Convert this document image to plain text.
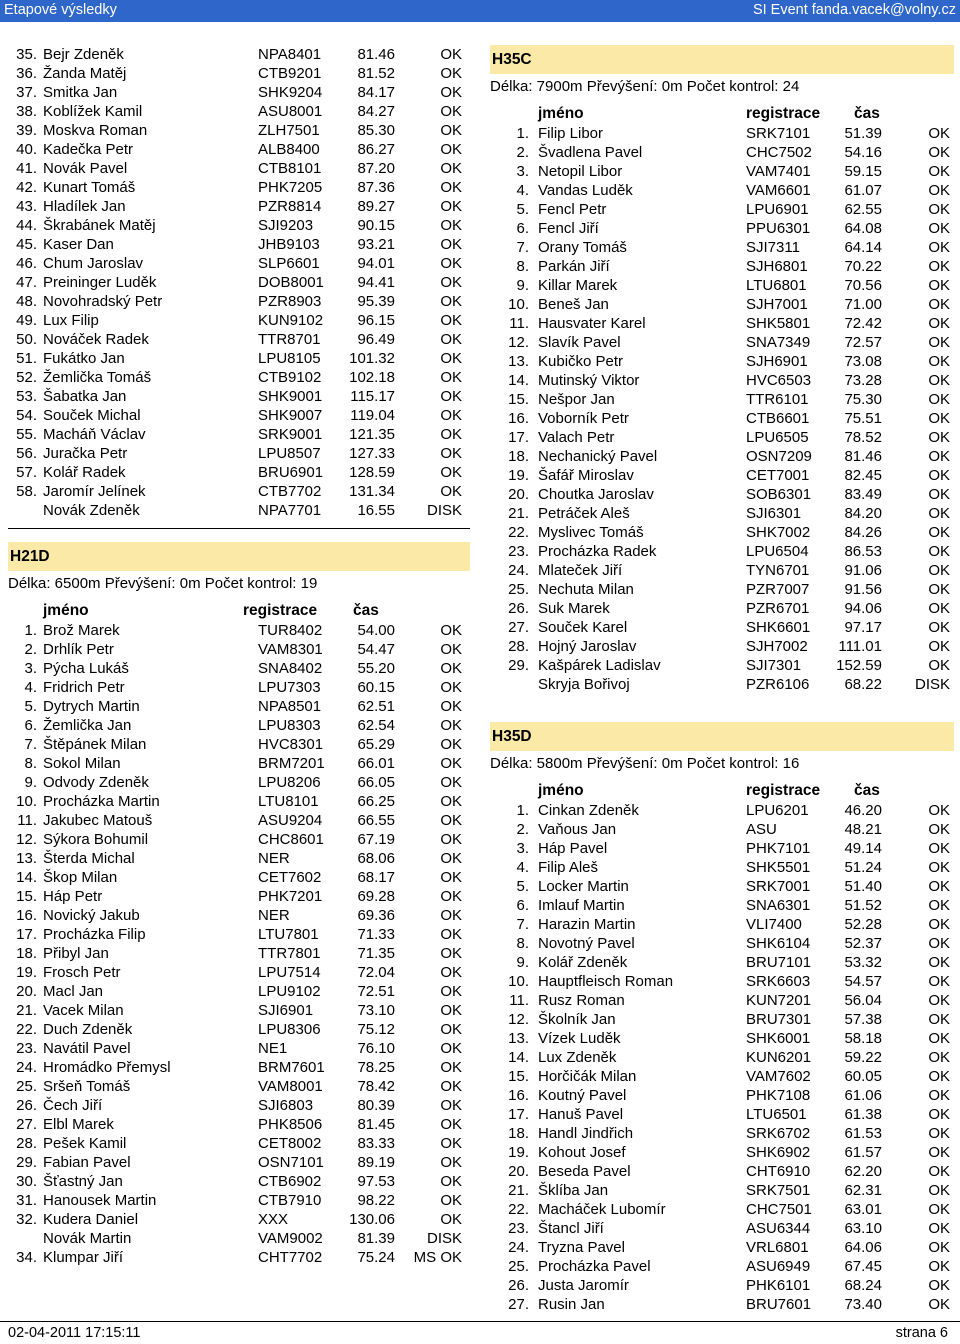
Etapové výsledky	SI Event fanda.vacek@volny.cz
35. Bejr Zdeněk	NPA8401	81.46	OK
36. Žanda Matěj	CTB9201	81.52	OK
37. Smitka Jan	SHK9204	84.17	OK
38. Koblížek Kamil	ASU8001	84.27	OK
39. Moskva Roman	ZLH7501	85.30	OK
40. Kadečka Petr	ALB8400	86.27	OK
41. Novák Pavel	CTB8101	87.20	OK
42. Kunart Tomáš	PHK7205	87.36	OK
43. Hladílek Jan	PZR8814	89.27	OK
44. Škrabánek Matěj	SJI9203	90.15	OK
45. Kaser Dan	JHB9103	93.21	OK
46. Chum Jaroslav	SLP6601	94.01	OK
47. Preininger Luděk	DOB8001	94.41	OK
48. Novohradský Petr	PZR8903	95.39	OK
49. Lux Filip	KUN9102	96.15	OK
50. Nováček Radek	TTR8701	96.49	OK
51. Fukátko Jan	LPU8105 101.32	OK
52. Žemlička Tomáš	CTB9102 102.18	OK
53. Šabatka Jan	SHK9001 115.17	OK
54. Souček Michal	SHK9007 119.04	OK
55. Macháň Václav	SRK9001 121.35	OK
56. Juračka Petr	LPU8507 127.33	OK
57. Kolář Radek	BRU6901 128.59	OK
58. Jaromír Jelínek	CTB7702 131.34	OK
Novák Zdeněk	NPA7701	16.55	DISK
H21D
Délka: 6500m Převýšení: 0m Počet kontrol: 19
jméno	registrace čas
1. Brož Marek	TUR8402	54.00	OK
2. Drhlík Petr	VAM8301	54.47	OK
3. Pýcha Lukáš	SNA8402	55.20	OK
4. Fridrich Petr	LPU7303	60.15	OK
5. Dytrych Martin	NPA8501	62.51	OK
6. Žemlička Jan	LPU8303	62.54	OK
7. Štěpánek Milan	HVC8301	65.29	OK
8. Sokol Milan	BRM7201	66.01	OK
9. Odvody Zdeněk	LPU8206	66.05	OK
10. Procházka Martin	LTU8101	66.25	OK
11. Jakubec Matouš	ASU9204	66.55	OK
12. Sýkora Bohumil	CHC8601	67.19	OK
13. Šterda Michal	NER	68.06	OK
14. Škop Milan	CET7602	68.17	OK
15. Háp Petr	PHK7201	69.28	OK
16. Novický Jakub	NER	69.36	OK
17. Procházka Filip	LTU7801	71.33	OK
18. Přibyl Jan	TTR7801	71.35	OK
19. Frosch Petr	LPU7514	72.04	OK
20. Macl Jan	LPU9102	72.51	OK
21. Vacek Milan	SJI6901	73.10	OK
22. Duch Zdeněk	LPU8306	75.12	OK
23. Navátil Pavel	NE1	76.10	OK
24. Hromádko Přemysl	BRM7601	78.25	OK
25. Sršeň Tomáš	VAM8001	78.42	OK
26. Čech Jiří	SJI6803	80.39	OK
27. Elbl Marek	PHK8506	81.45	OK
28. Pešek Kamil	CET8002	83.33	OK
29. Fabian Pavel	OSN7101	89.19	OK
30. Šťastný Jan	CTB6902	97.53	OK
31. Hanousek Martin	CTB7910	98.22	OK
32. Kudera Daniel	XXX	130.06	OK
Novák Martin	VAM9002	81.39	DISK
34. Klumpar Jiří	CHT7702	75.24	MS OK
H35C
Délka: 7900m Převýšení: 0m Počet kontrol: 24
jméno	registrace čas
1. Filip Libor	SRK7101	51.39	OK
2. Švadlena Pavel	CHC7502	54.16	OK
3. Netopil Libor	VAM7401	59.15	OK
4. Vandas Luděk	VAM6601	61.07	OK
5. Fencl Petr	LPU6901	62.55	OK
6. Fencl Jiří	PPU6301	64.08	OK
7. Orany Tomáš	SJI7311	64.14	OK
8. Parkán Jiří	SJH6801	70.22	OK
9. Killar Marek	LTU6801	70.56	OK
10. Beneš Jan	SJH7001	71.00	OK
11. Hausvater Karel	SHK5801	72.42	OK
12. Slavík Pavel	SNA7349	72.57	OK
13. Kubičko Petr	SJH6901	73.08	OK
14. Mutinský Viktor	HVC6503	73.28	OK
15. Nešpor Jan	TTR6101	75.30	OK
16. Voborník Petr	CTB6601	75.51	OK
17. Valach Petr	LPU6505	78.52	OK
18. Nechanický Pavel	OSN7209	81.46	OK
19. Šafář Miroslav	CET7001	82.45	OK
20. Choutka Jaroslav	SOB6301	83.49	OK
21. Petráček Aleš	SJI6301	84.20	OK
22. Myslivec Tomáš	SHK7002	84.26	OK
23. Procházka Radek	LPU6504	86.53	OK
24. Mlateček Jiří	TYN6701	91.06	OK
25. Nechuta Milan	PZR7007	91.56	OK
26. Suk Marek	PZR6701	94.06	OK
27. Souček Karel	SHK6601	97.17	OK
28. Hojný Jaroslav	SJH7002	111.01	OK
29. Kašpárek Ladislav	SJI7301	152.59	OK
Skryja Bořivoj	PZR6106	68.22	DISK
H35D
Délka: 5800m Převýšení: 0m Počet kontrol: 16
jméno	registrace čas
1. Cinkan Zdeněk	LPU6201	46.20	OK
2. Vaňous Jan	ASU	48.21	OK
3. Háp Pavel	PHK7101	49.14	OK
4. Filip Aleš	SHK5501	51.24	OK
5. Locker Martin	SRK7001	51.40	OK
6. Imlauf Martin	SNA6301	51.52	OK
7. Harazin Martin	VLI7400	52.28	OK
8. Novotný Pavel	SHK6104	52.37	OK
9. Kolář Zdeněk	BRU7101	53.32	OK
10. Hauptfleisch Roman	SRK6603	54.57	OK
11. Rusz Roman	KUN7201	56.04	OK
12. Školník Jan	BRU7301	57.38	OK
13. Vízek Luděk	SHK6001	58.18	OK
14. Lux Zdeněk	KUN6201	59.22	OK
15. Horčičák Milan	VAM7602	60.05	OK
16. Koutný Pavel	PHK7108	61.06	OK
17. Hanuš Pavel	LTU6501	61.38	OK
18. Handl Jindřich	SRK6702	61.53	OK
19. Kohout Josef	SHK6902	61.57	OK
20. Beseda Pavel	CHT6910	62.20	OK
21. Šklíba Jan	SRK7501	62.31	OK
22. Macháček Lubomír	CHC7501	63.01	OK
23. Štancl Jiří	ASU6344	63.10	OK
24. Tryzna Pavel	VRL6801	64.06	OK
25. Procházka Pavel	ASU6949	67.45	OK
26. Justa Jaromír	PHK6101	68.24	OK
27. Rusin Jan	BRU7601	73.40	OK
02-04-2011 17:15:11	strana 6
